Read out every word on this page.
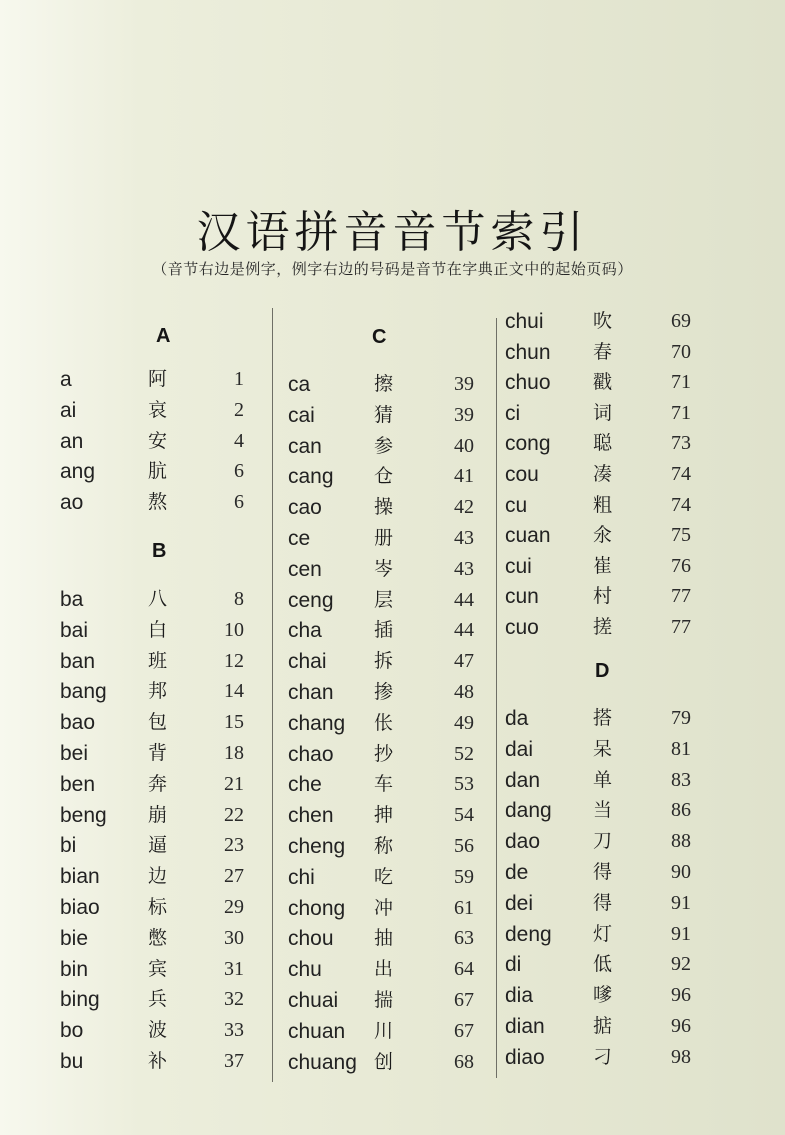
汉语拼音音节索引

（音节右边是例字，例字右边的号码是音节在字典正文中的起始页码）

A
a	阿	1
ai	哀	2
an	安	4
ang	肮	6
ao	熬	6
B
ba	八	8
bai	白	10
ban	班	12
bang 邦	14
bao	包	15
bei	背	18
ben	奔	21
beng 崩	22
bi	逼	23
bian	边	27
biao	标	29
bie	憋	30
bin	宾	31
bing	兵	32
bo	波	33
bu	补	37
C
ca	擦	39
cai	猜	39
can	参	40
cang 仓	41
cao	操	42
ce	册	43
cen	岑	43
ceng 层	44
cha	插	44
chai 拆	47
chan 掺	48
chang 伥	49
chao 抄	52
che	车	53
chen 抻	54
cheng 称	56
chi	吃	59
chong 冲	61
chou 抽	63
chu	出	64
chuai 揣	67
chuan 川	67
chuang 创	68
chui	吹	69
chun 春	70
chuo 戳	71
ci	词	71
cong 聪	73
cou	凑	74
cu	粗	74
cuan 氽	75
cui	崔	76
cun	村	77
cuo	搓	77
D
da	搭	79
dai	呆	81
dan	单	83
dang 当	86
dao	刀	88
de	得	90
dei	得	91
deng 灯	91
di	低	92
dia	嗲	96
dian	掂	96
diao	刁	98
